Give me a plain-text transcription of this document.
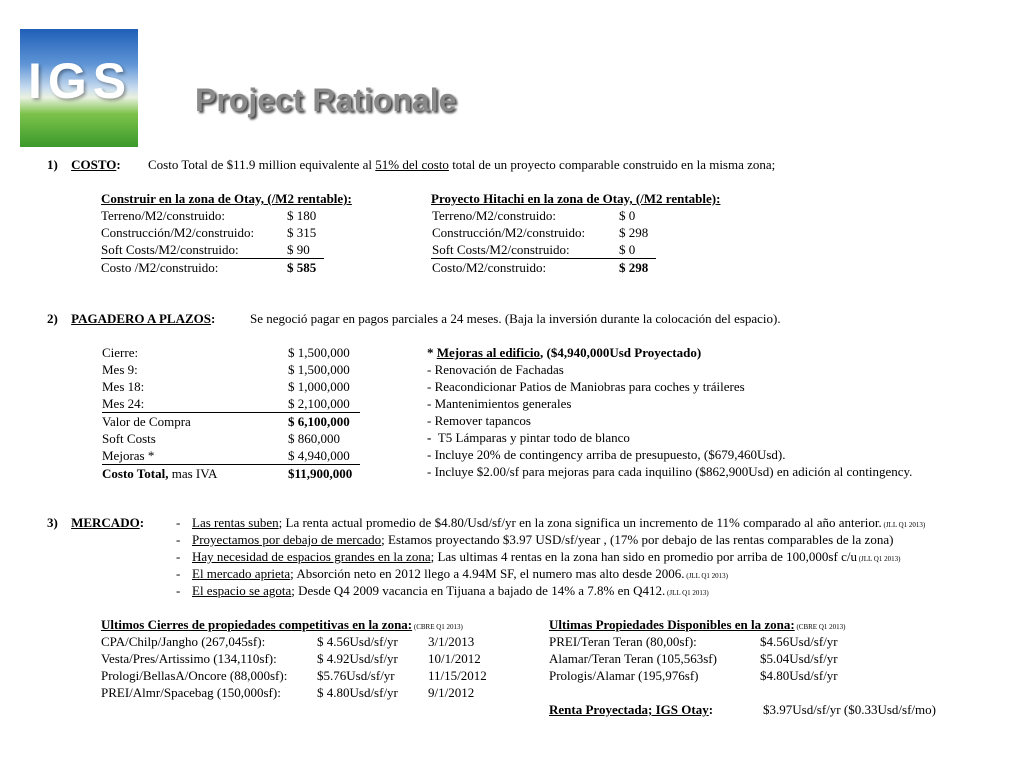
IGS Project Rationale
1) COSTO: Costo Total de $11.9 million equivalente al 51% del costo total de un proyecto comparable construido en la misma zona;
Construir en la zona de Otay, (/M2 rentable):
Terreno/M2/construido:	$ 180
Construcción/M2/construido:	$ 315
Soft Costs/M2/construido:	$ 90
Costo /M2/construido:	$ 585
Proyecto Hitachi en la zona de Otay, (/M2 rentable):
Terreno/M2/construido:	$ 0
Construcción/M2/construido:	$ 298
Soft Costs/M2/construido:	$ 0
Costo/M2/construido:	$ 298
2) PAGADERO A PLAZOS:	Se negoció pagar en pagos parciales a 24 meses. (Baja la inversión durante la colocación del espacio).
Cierre:	$ 1,500,000
Mes 9:	$ 1,500,000
Mes 18:	$ 1,000,000
Mes 24:	$ 2,100,000
Valor de Compra	$ 6,100,000
Soft Costs	$ 860,000
Mejoras *	$ 4,940,000
Costo Total, mas IVA	$11,900,000
* Mejoras al edificio, ($4,940,000Usd Proyectado)
- Renovación de Fachadas
- Reacondicionar Patios de Maniobras para coches y tráileres
- Mantenimientos generales
- Remover tapancos
-  T5 Lámparas y pintar todo de blanco
- Incluye 20% de contingency arriba de presupuesto, ($679,460Usd).
- Incluye $2.00/sf para mejoras para cada inquilino ($862,900Usd) en adición al contingency.
3) MERCADO: - Las rentas suben; La renta actual promedio de $4.80/Usd/sf/yr en la zona significa un incremento de 11% comparado al año anterior. (JLL Q1 2013)
- Proyectamos por debajo de mercado; Estamos proyectando $3.97 USD/sf/year , (17% por debajo de las rentas comparables de la zona)
- Hay necesidad de espacios grandes en la zona; Las ultimas 4 rentas en la zona han sido en promedio por arriba de 100,000sf c/u (JLL Q1 2013)
- El mercado aprieta; Absorción neto en 2012 llego a 4.94M SF, el numero mas alto desde 2006. (JLL Q1 2013)
- El espacio se agota; Desde Q4 2009 vacancia en Tijuana a bajado de 14% a 7.8% en Q412. (JLL Q1 2013)
Ultimos Cierres de propiedades competitivas en la zona: (CBRE Q1 2013)
CPA/Chilp/Jangho (267,045sf):	$ 4.56Usd/sf/yr 3/1/2013
Vesta/Pres/Artissimo (134,110sf):	$ 4.92Usd/sf/yr 10/1/2012
Prologi/BellasA/Oncore (88,000sf): $5.76Usd/sf/yr	11/15/2012
PREI/Almr/Spacebag (150,000sf):	$ 4.80Usd/sf/yr 9/1/2012
Ultimas Propiedades Disponibles en la zona: (CBRE Q1 2013)
PREI/Teran Teran (80,00sf):	$4.56Usd/sf/yr
Alamar/Teran Teran (105,563sf)	$5.04Usd/sf/yr
Prologis/Alamar (195,976sf)	$4.80Usd/sf/yr
Renta Proyectada; IGS Otay:	$3.97Usd/sf/yr ($0.33Usd/sf/mo)
